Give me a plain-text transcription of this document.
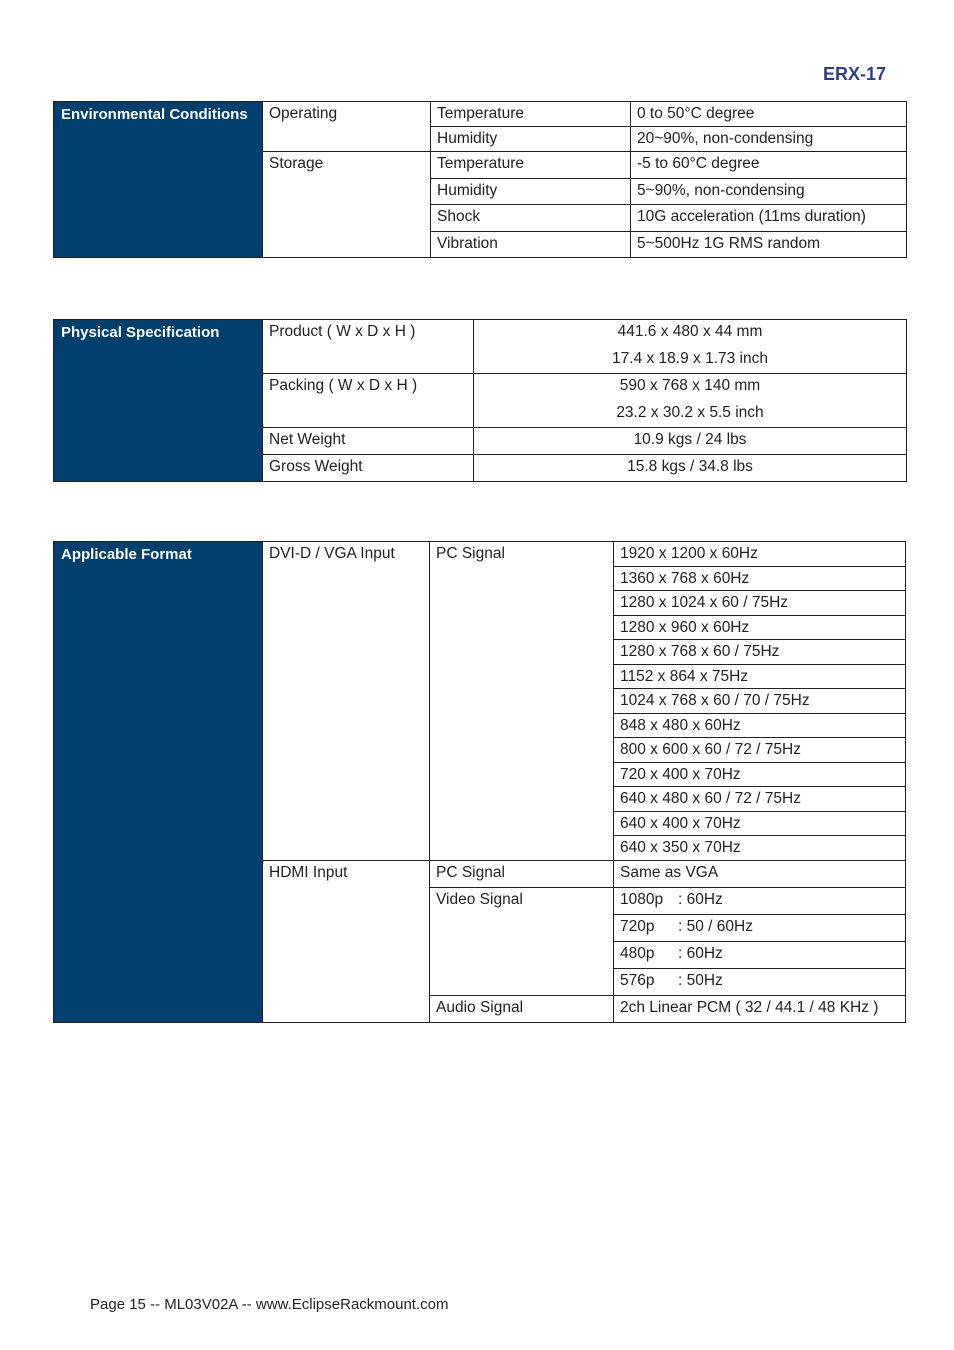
ERX-17
Environmental Conditions	Operating	Temperature	0 to 50°C degree
		Humidity	20~90%, non-condensing
	Storage	Temperature	-5 to 60°C degree
		Humidity	5~90%, non-condensing
		Shock	10G acceleration (11ms duration)
		Vibration	5~500Hz 1G RMS random
Physical Specification	Product ( W x D x H )	441.6 x 480 x 44 mm
		17.4 x 18.9 x 1.73 inch
	Packing ( W x D x H )	590 x 768 x 140 mm
		23.2 x 30.2 x 5.5 inch
	Net Weight	10.9 kgs / 24 lbs
	Gross Weight	15.8 kgs / 34.8 lbs
Applicable Format	DVI-D / VGA Input	PC Signal	1920 x 1200 x 60Hz
			1360 x 768 x 60Hz
			1280 x 1024 x 60 / 75Hz
			1280 x 960 x 60Hz
			1280 x 768 x 60 / 75Hz
			1152 x 864 x 75Hz
			1024 x 768 x 60 / 70 / 75Hz
			848 x 480 x 60Hz
			800 x 600 x 60 / 72 / 75Hz
			720 x 400 x 70Hz
			640 x 480 x 60 / 72 / 75Hz
			640 x 400 x 70Hz
			640 x 350 x 70Hz
	HDMI Input	PC Signal	Same as VGA
		Video Signal	1080p : 60Hz
			720p : 50 / 60Hz
			480p : 60Hz
			576p : 50Hz
		Audio Signal	2ch Linear PCM ( 32 / 44.1 / 48 KHz )
Page 15 -- ML03V02A -- www.EclipseRackmount.com
